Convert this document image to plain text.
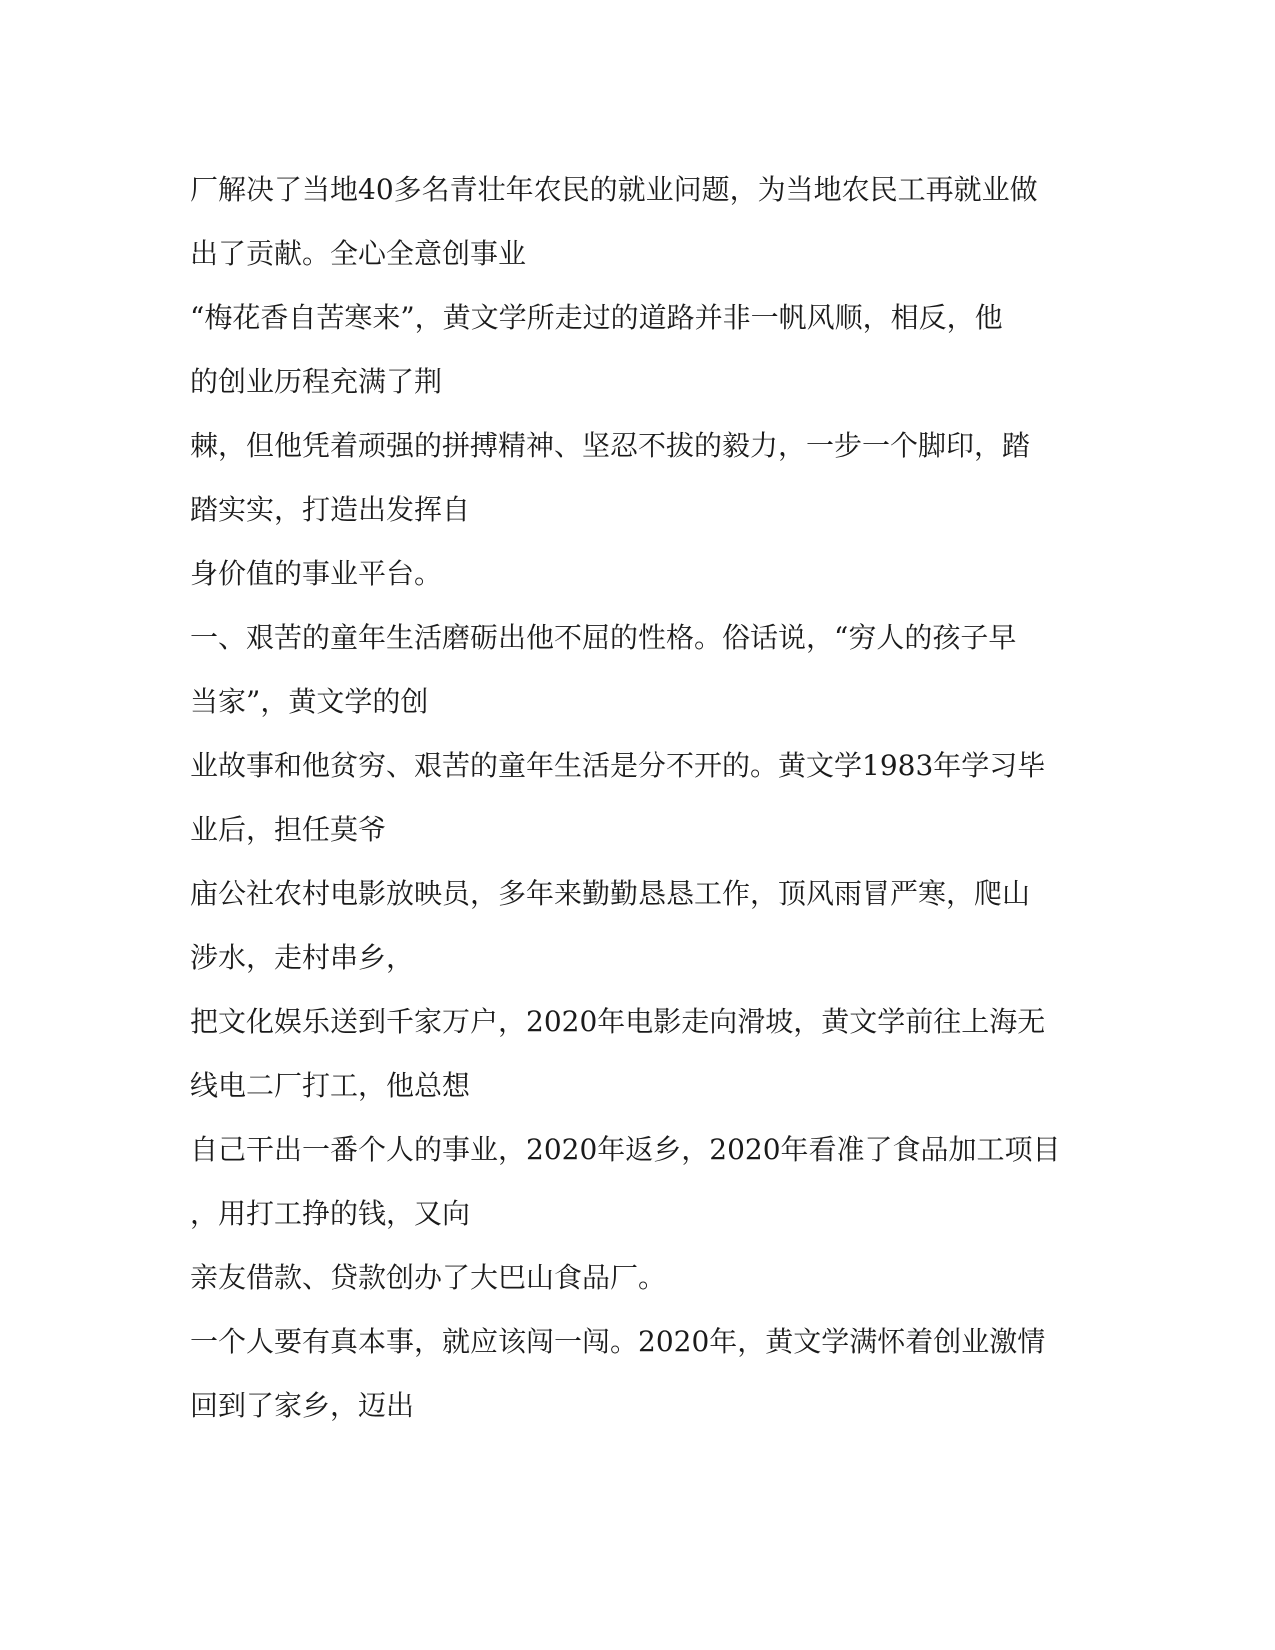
厂解决了当地40多名青壮年农民的就业问题，为当地农民工再就业做
出了贡献。全心全意创事业
“梅花香自苦寒来”，黄文学所走过的道路并非一帆风顺，相反，他
的创业历程充满了荆
棘，但他凭着顽强的拼搏精神、坚忍不拔的毅力，一步一个脚印，踏
踏实实，打造出发挥自
身价值的事业平台。
一、艰苦的童年生活磨砺出他不屈的性格。俗话说，“穷人的孩子早
当家”，黄文学的创
业故事和他贫穷、艰苦的童年生活是分不开的。黄文学1983年学习毕
业后，担任莫爷
庙公社农村电影放映员，多年来勤勤恳恳工作，顶风雨冒严寒，爬山
涉水，走村串乡，
把文化娱乐送到千家万户，2020年电影走向滑坡，黄文学前往上海无
线电二厂打工，他总想
自己干出一番个人的事业，2020年返乡，2020年看准了食品加工项目
，用打工挣的钱，又向
亲友借款、贷款创办了大巴山食品厂。
一个人要有真本事，就应该闯一闯。2020年，黄文学满怀着创业激情
回到了家乡，迈出
